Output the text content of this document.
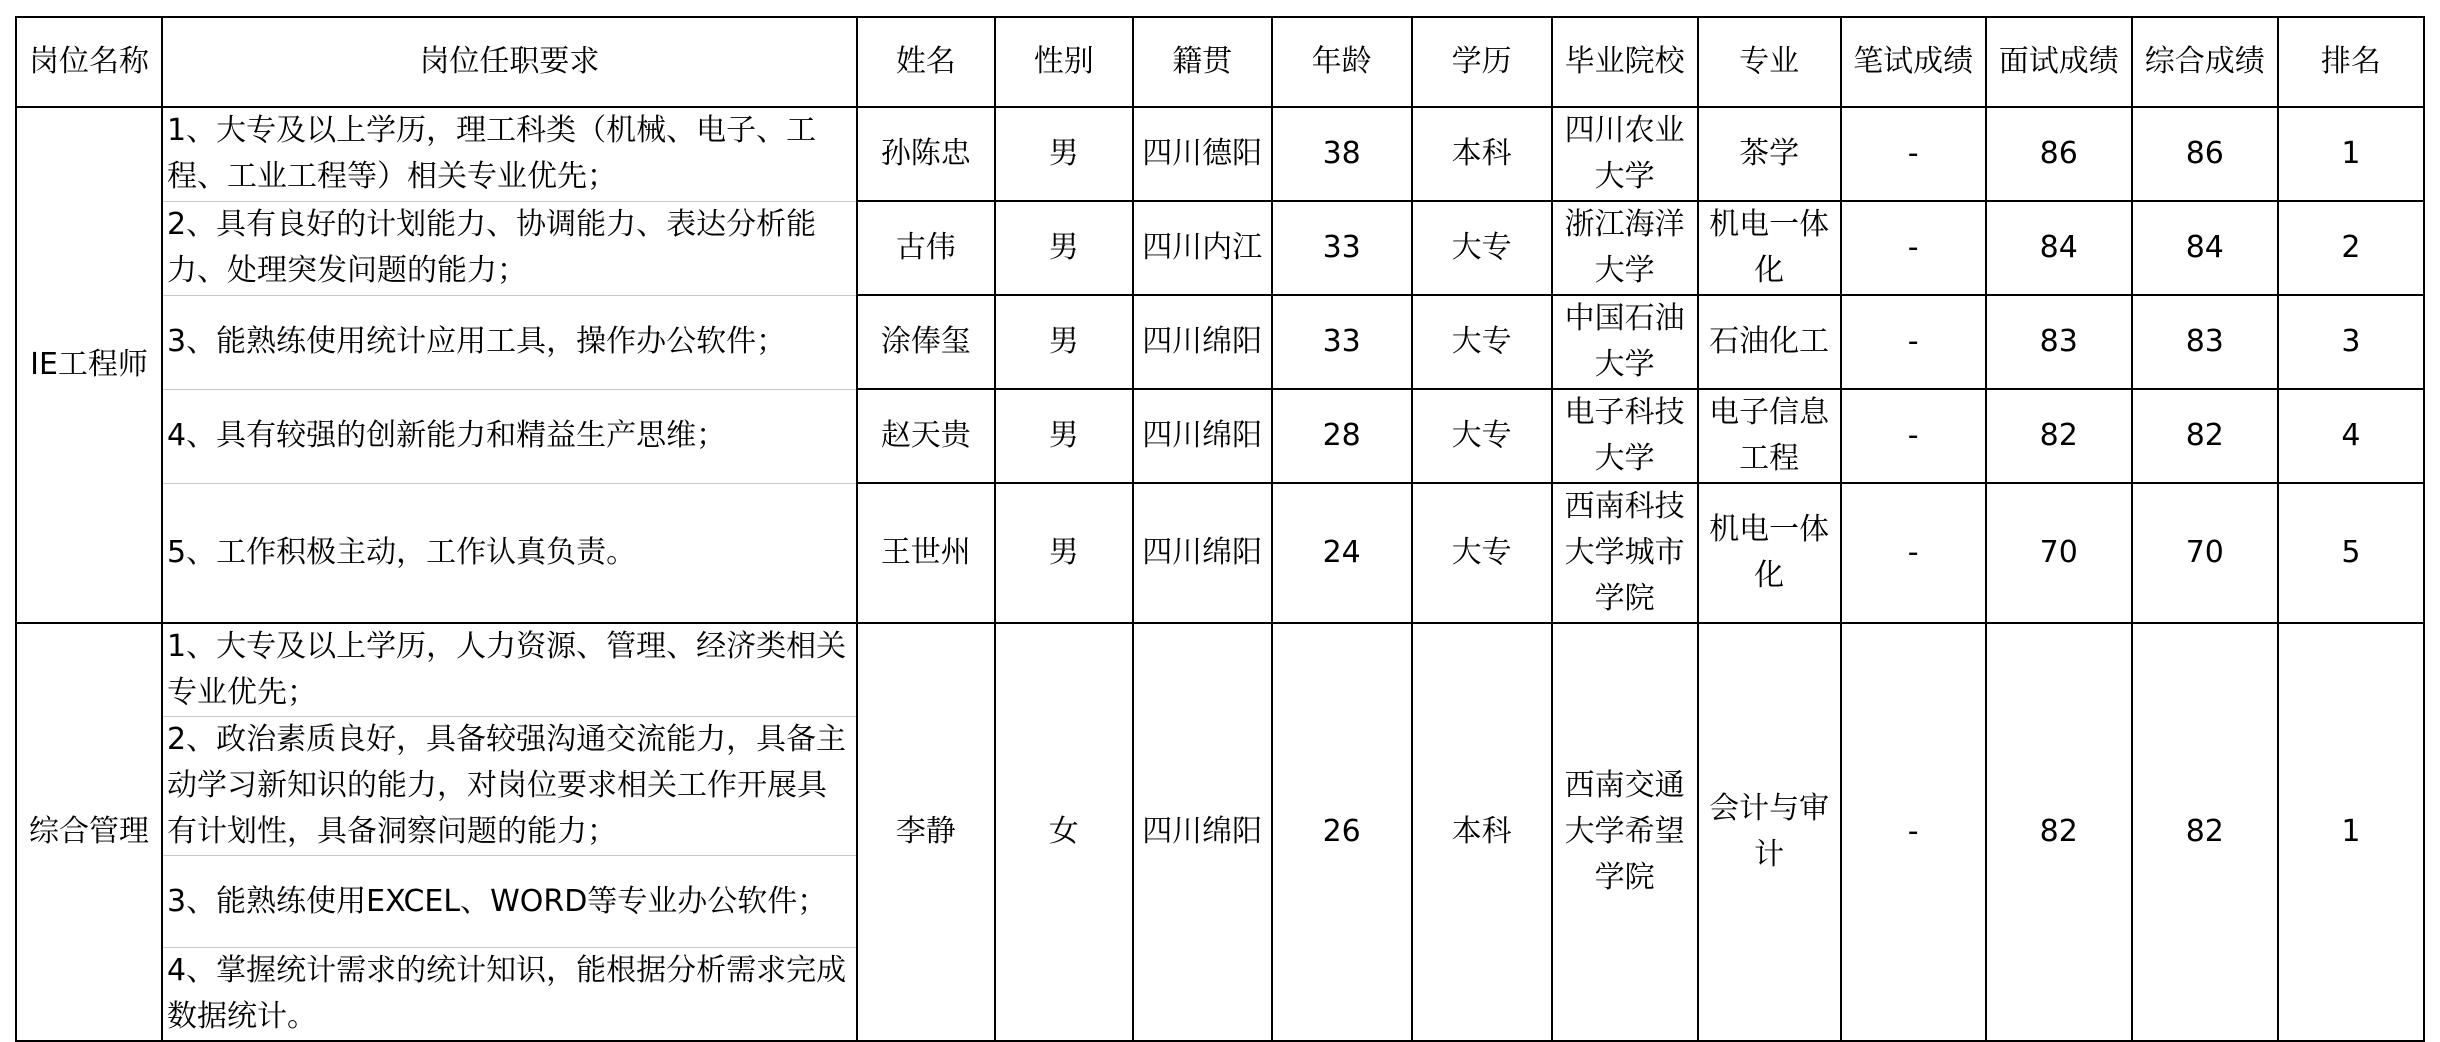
岗位名称	岗位任职要求	姓名	性别	籍贯	年龄	学历	毕业院校	专业	笔试成绩	面试成绩	综合成绩	排名
IE工程师	1、大专及以上学历，理工科类（机械、电子、工程、工业工程等）相关专业优先；	孙陈忠	男	四川德阳	38	本科	四川农业大学	茶学	-	86	86	1
	2、具有良好的计划能力、协调能力、表达分析能力、处理突发问题的能力；	古伟	男	四川内江	33	大专	浙江海洋大学	机电一体化	-	84	84	2
	3、能熟练使用统计应用工具，操作办公软件；	涂俸玺	男	四川绵阳	33	大专	中国石油大学	石油化工	-	83	83	3
	4、具有较强的创新能力和精益生产思维；	赵天贵	男	四川绵阳	28	大专	电子科技大学	电子信息工程	-	82	82	4
	5、工作积极主动，工作认真负责。	王世州	男	四川绵阳	24	大专	西南科技大学城市学院	机电一体化	-	70	70	5
综合管理	1、大专及以上学历，人力资源、管理、经济类相关专业优先；	李静	女	四川绵阳	26	本科	西南交通大学希望学院	会计与审计	-	82	82	1
	2、政治素质良好，具备较强沟通交流能力，具备主动学习新知识的能力，对岗位要求相关工作开展具有计划性，具备洞察问题的能力；											
	3、能熟练使用EXCEL、WORD等专业办公软件；											
	4、掌握统计需求的统计知识，能根据分析需求完成数据统计。											
